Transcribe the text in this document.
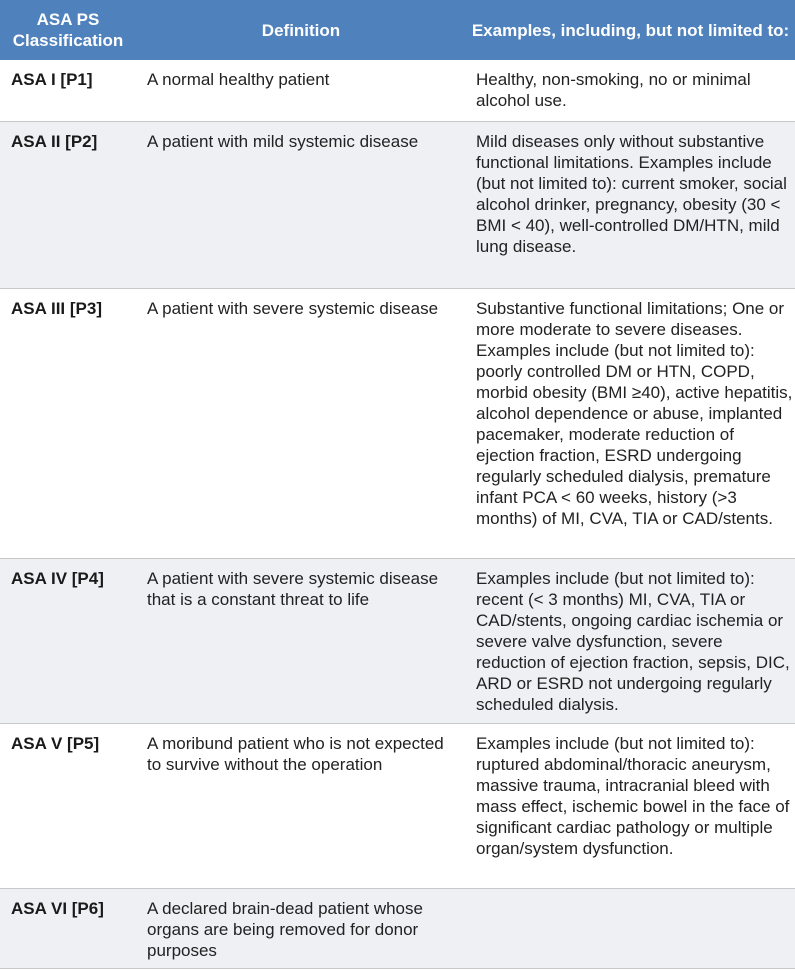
ASA PS Classification	Definition	Examples, including, but not limited to:
ASA I [P1]	A normal healthy patient	Healthy, non-smoking, no or minimal alcohol use.
ASA II [P2]	A patient with mild systemic disease	Mild diseases only without substantive functional limitations. Examples include (but not limited to): current smoker, social alcohol drinker, pregnancy, obesity (30 < BMI < 40), well-controlled DM/HTN, mild lung disease.
ASA III [P3]	A patient with severe systemic disease	Substantive functional limitations; One or more moderate to severe diseases. Examples include (but not limited to): poorly controlled DM or HTN, COPD, morbid obesity (BMI ≥40), active hepatitis, alcohol dependence or abuse, implanted pacemaker, moderate reduction of ejection fraction, ESRD undergoing regularly scheduled dialysis, premature infant PCA < 60 weeks, history (>3 months) of MI, CVA, TIA or CAD/stents.
ASA IV [P4]	A patient with severe systemic disease that is a constant threat to life	Examples include (but not limited to): recent (< 3 months) MI, CVA, TIA or CAD/stents, ongoing cardiac ischemia or severe valve dysfunction, severe reduction of ejection fraction, sepsis, DIC, ARD or ESRD not undergoing regularly scheduled dialysis.
ASA V [P5]	A moribund patient who is not expected to survive without the operation	Examples include (but not limited to): ruptured abdominal/thoracic aneurysm, massive trauma, intracranial bleed with mass effect, ischemic bowel in the face of significant cardiac pathology or multiple organ/system dysfunction.
ASA VI [P6]	A declared brain-dead patient whose organs are being removed for donor purposes	
